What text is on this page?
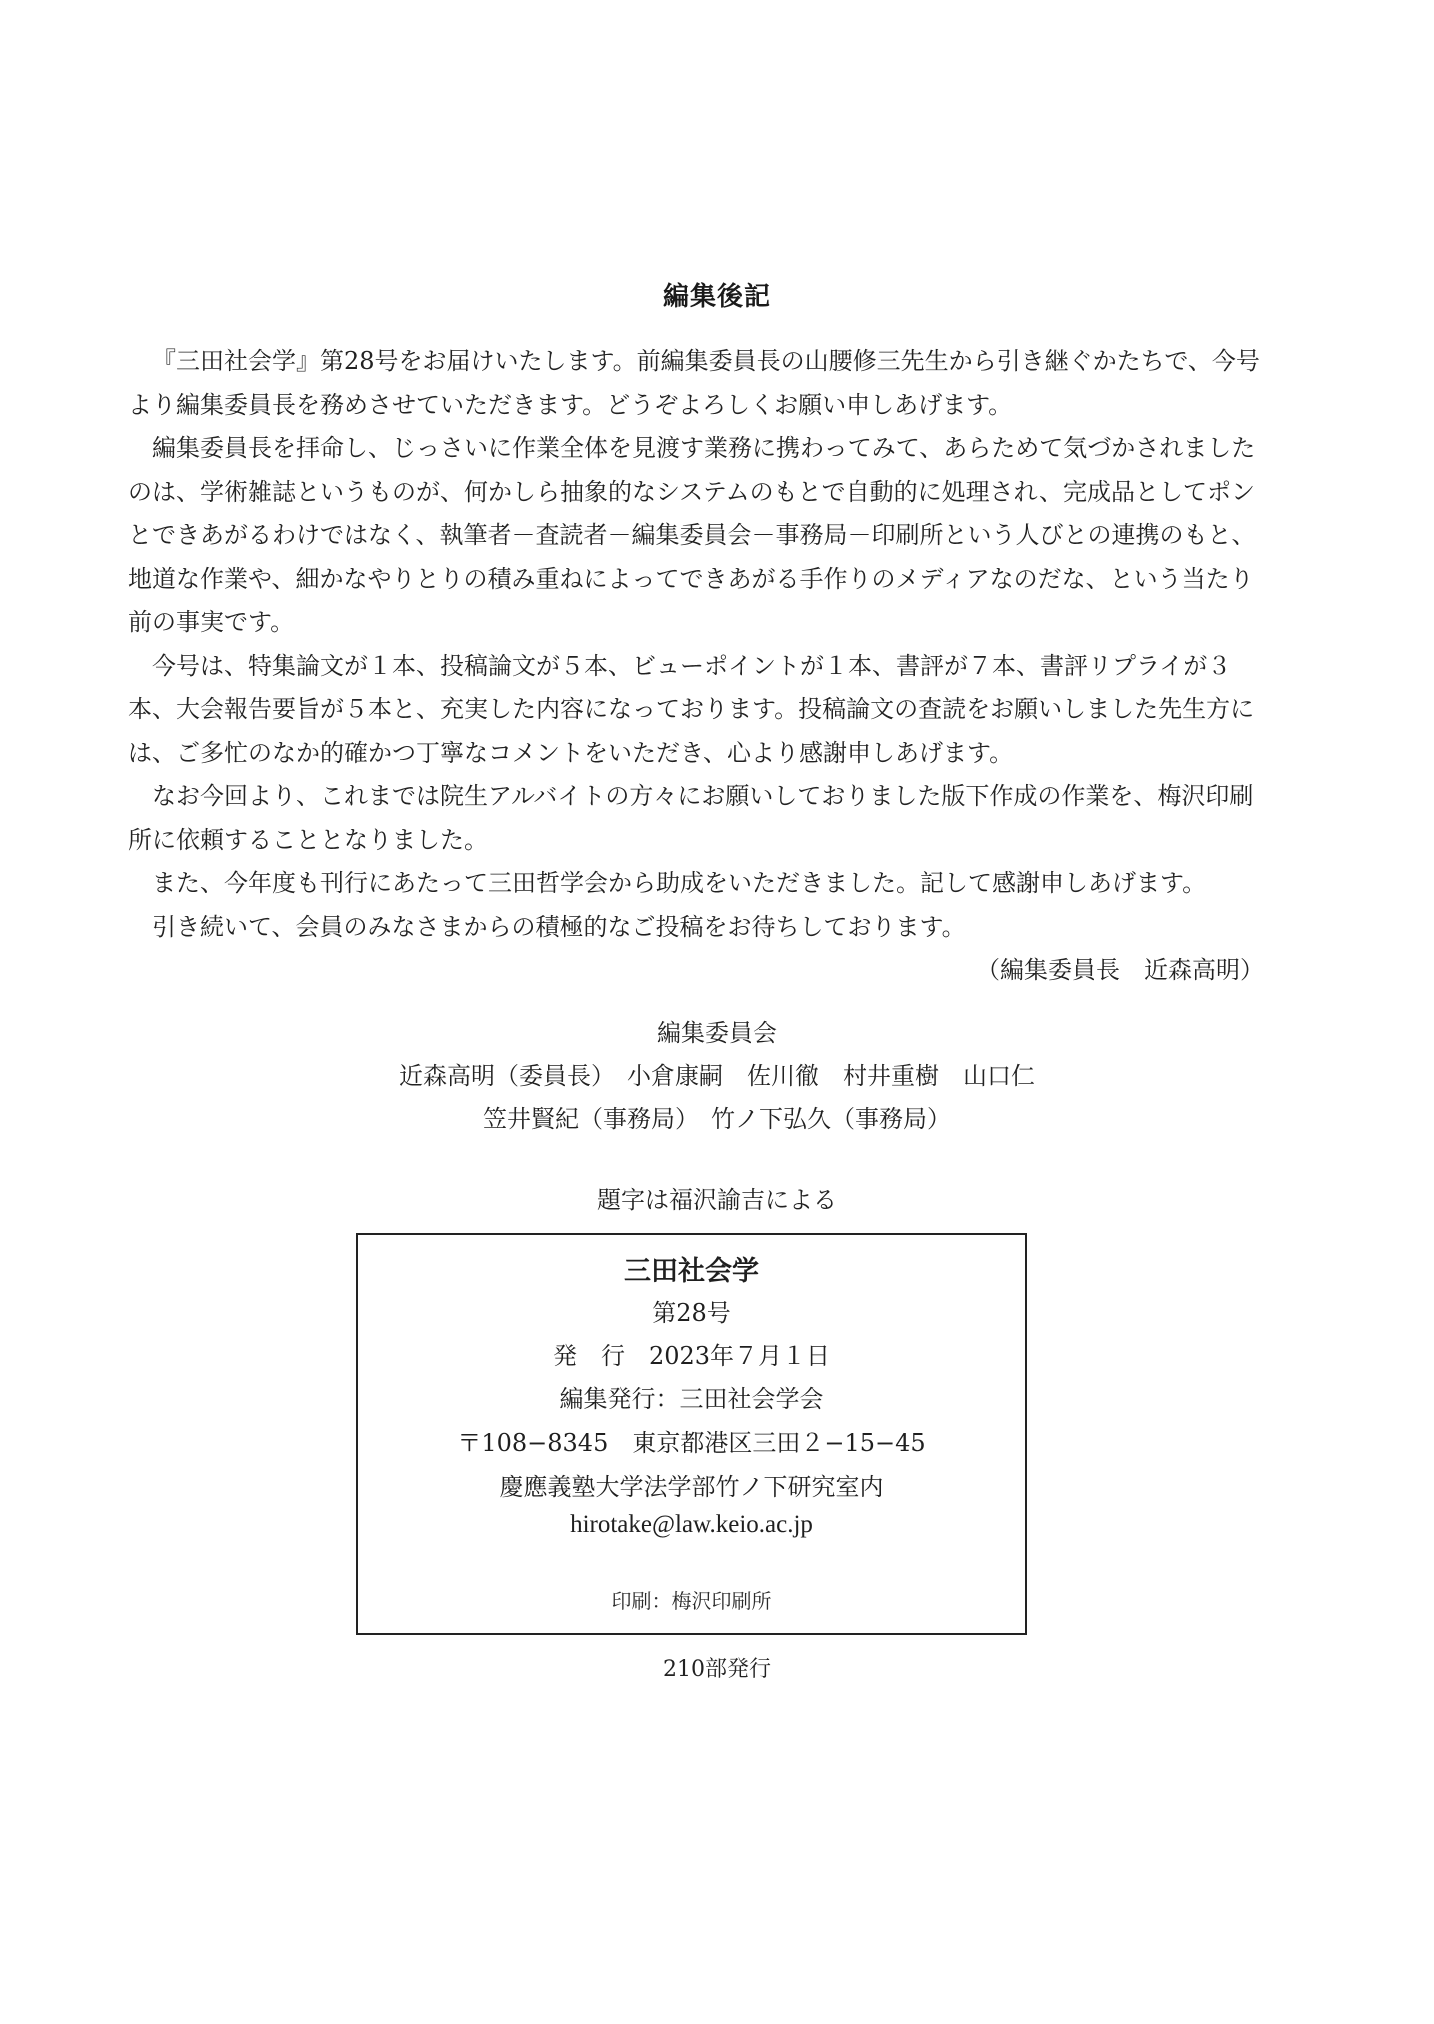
編集後記

『三田社会学』第28号をお届けいたします。前編集委員長の山腰修三先生から引き継ぐかたちで、今号より編集委員長を務めさせていただきます。どうぞよろしくお願い申しあげます。

編集委員長を拝命し、じっさいに作業全体を見渡す業務に携わってみて、あらためて気づかされましたのは、学術雑誌というものが、何かしら抽象的なシステムのもとで自動的に処理され、完成品としてポンとできあがるわけではなく、執筆者－査読者－編集委員会－事務局－印刷所という人びとの連携のもと、地道な作業や、細かなやりとりの積み重ねによってできあがる手作りのメディアなのだな、という当たり前の事実です。

今号は、特集論文が１本、投稿論文が５本、ビューポイントが１本、書評が７本、書評リプライが３本、大会報告要旨が５本と、充実した内容になっております。投稿論文の査読をお願いしました先生方には、ご多忙のなか的確かつ丁寧なコメントをいただき、心より感謝申しあげます。

なお今回より、これまでは院生アルバイトの方々にお願いしておりました版下作成の作業を、梅沢印刷所に依頼することとなりました。

また、今年度も刊行にあたって三田哲学会から助成をいただきました。記して感謝申しあげます。

引き続いて、会員のみなさまからの積極的なご投稿をお待ちしております。

（編集委員長　近森高明）

編集委員会
近森高明（委員長）　小倉康嗣　佐川徹　村井重樹　山口仁
笠井賢紀（事務局）　竹ノ下弘久（事務局）
題字は福沢諭吉による
三田社会学
第28号
発　行　2023年７月１日
編集発行：三田社会学会
〒108−8345　東京都港区三田２−15−45
慶應義塾大学法学部竹ノ下研究室内
hirotake@law.keio.ac.jp
印刷：梅沢印刷所
210部発行
